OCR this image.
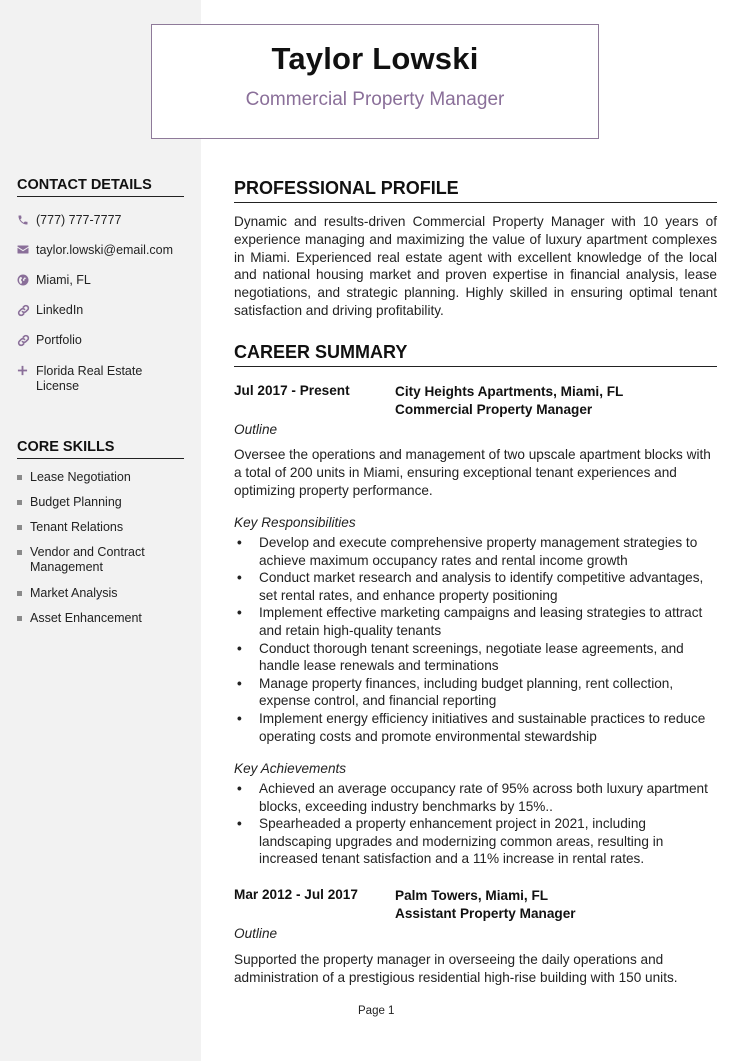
Taylor Lowski
Commercial Property Manager
CONTACT DETAILS
(777) 777-7777
taylor.lowski@email.com
Miami, FL
LinkedIn
Portfolio
Florida Real Estate License
CORE SKILLS
Lease Negotiation
Budget Planning
Tenant Relations
Vendor and Contract Management
Market Analysis
Asset Enhancement
PROFESSIONAL PROFILE
Dynamic and results-driven Commercial Property Manager with 10 years of experience managing and maximizing the value of luxury apartment complexes in Miami. Experienced real estate agent with excellent knowledge of the local and national housing market and proven expertise in financial analysis, lease negotiations, and strategic planning. Highly skilled in ensuring optimal tenant satisfaction and driving profitability.
CAREER SUMMARY
Jul 2017 - Present	City Heights Apartments, Miami, FL
Commercial Property Manager
Outline
Oversee the operations and management of two upscale apartment blocks with a total of 200 units in Miami, ensuring exceptional tenant experiences and optimizing property performance.
Key Responsibilities
• Develop and execute comprehensive property management strategies to achieve maximum occupancy rates and rental income growth
• Conduct market research and analysis to identify competitive advantages, set rental rates, and enhance property positioning
• Implement effective marketing campaigns and leasing strategies to attract and retain high-quality tenants
• Conduct thorough tenant screenings, negotiate lease agreements, and handle lease renewals and terminations
• Manage property finances, including budget planning, rent collection, expense control, and financial reporting
• Implement energy efficiency initiatives and sustainable practices to reduce operating costs and promote environmental stewardship
Key Achievements
• Achieved an average occupancy rate of 95% across both luxury apartment blocks, exceeding industry benchmarks by 15%..
• Spearheaded a property enhancement project in 2021, including landscaping upgrades and modernizing common areas, resulting in increased tenant satisfaction and a 11% increase in rental rates.
Mar 2012 - Jul 2017	Palm Towers, Miami, FL
Assistant Property Manager
Outline
Supported the property manager in overseeing the daily operations and administration of a prestigious residential high-rise building with 150 units.
Page 1
